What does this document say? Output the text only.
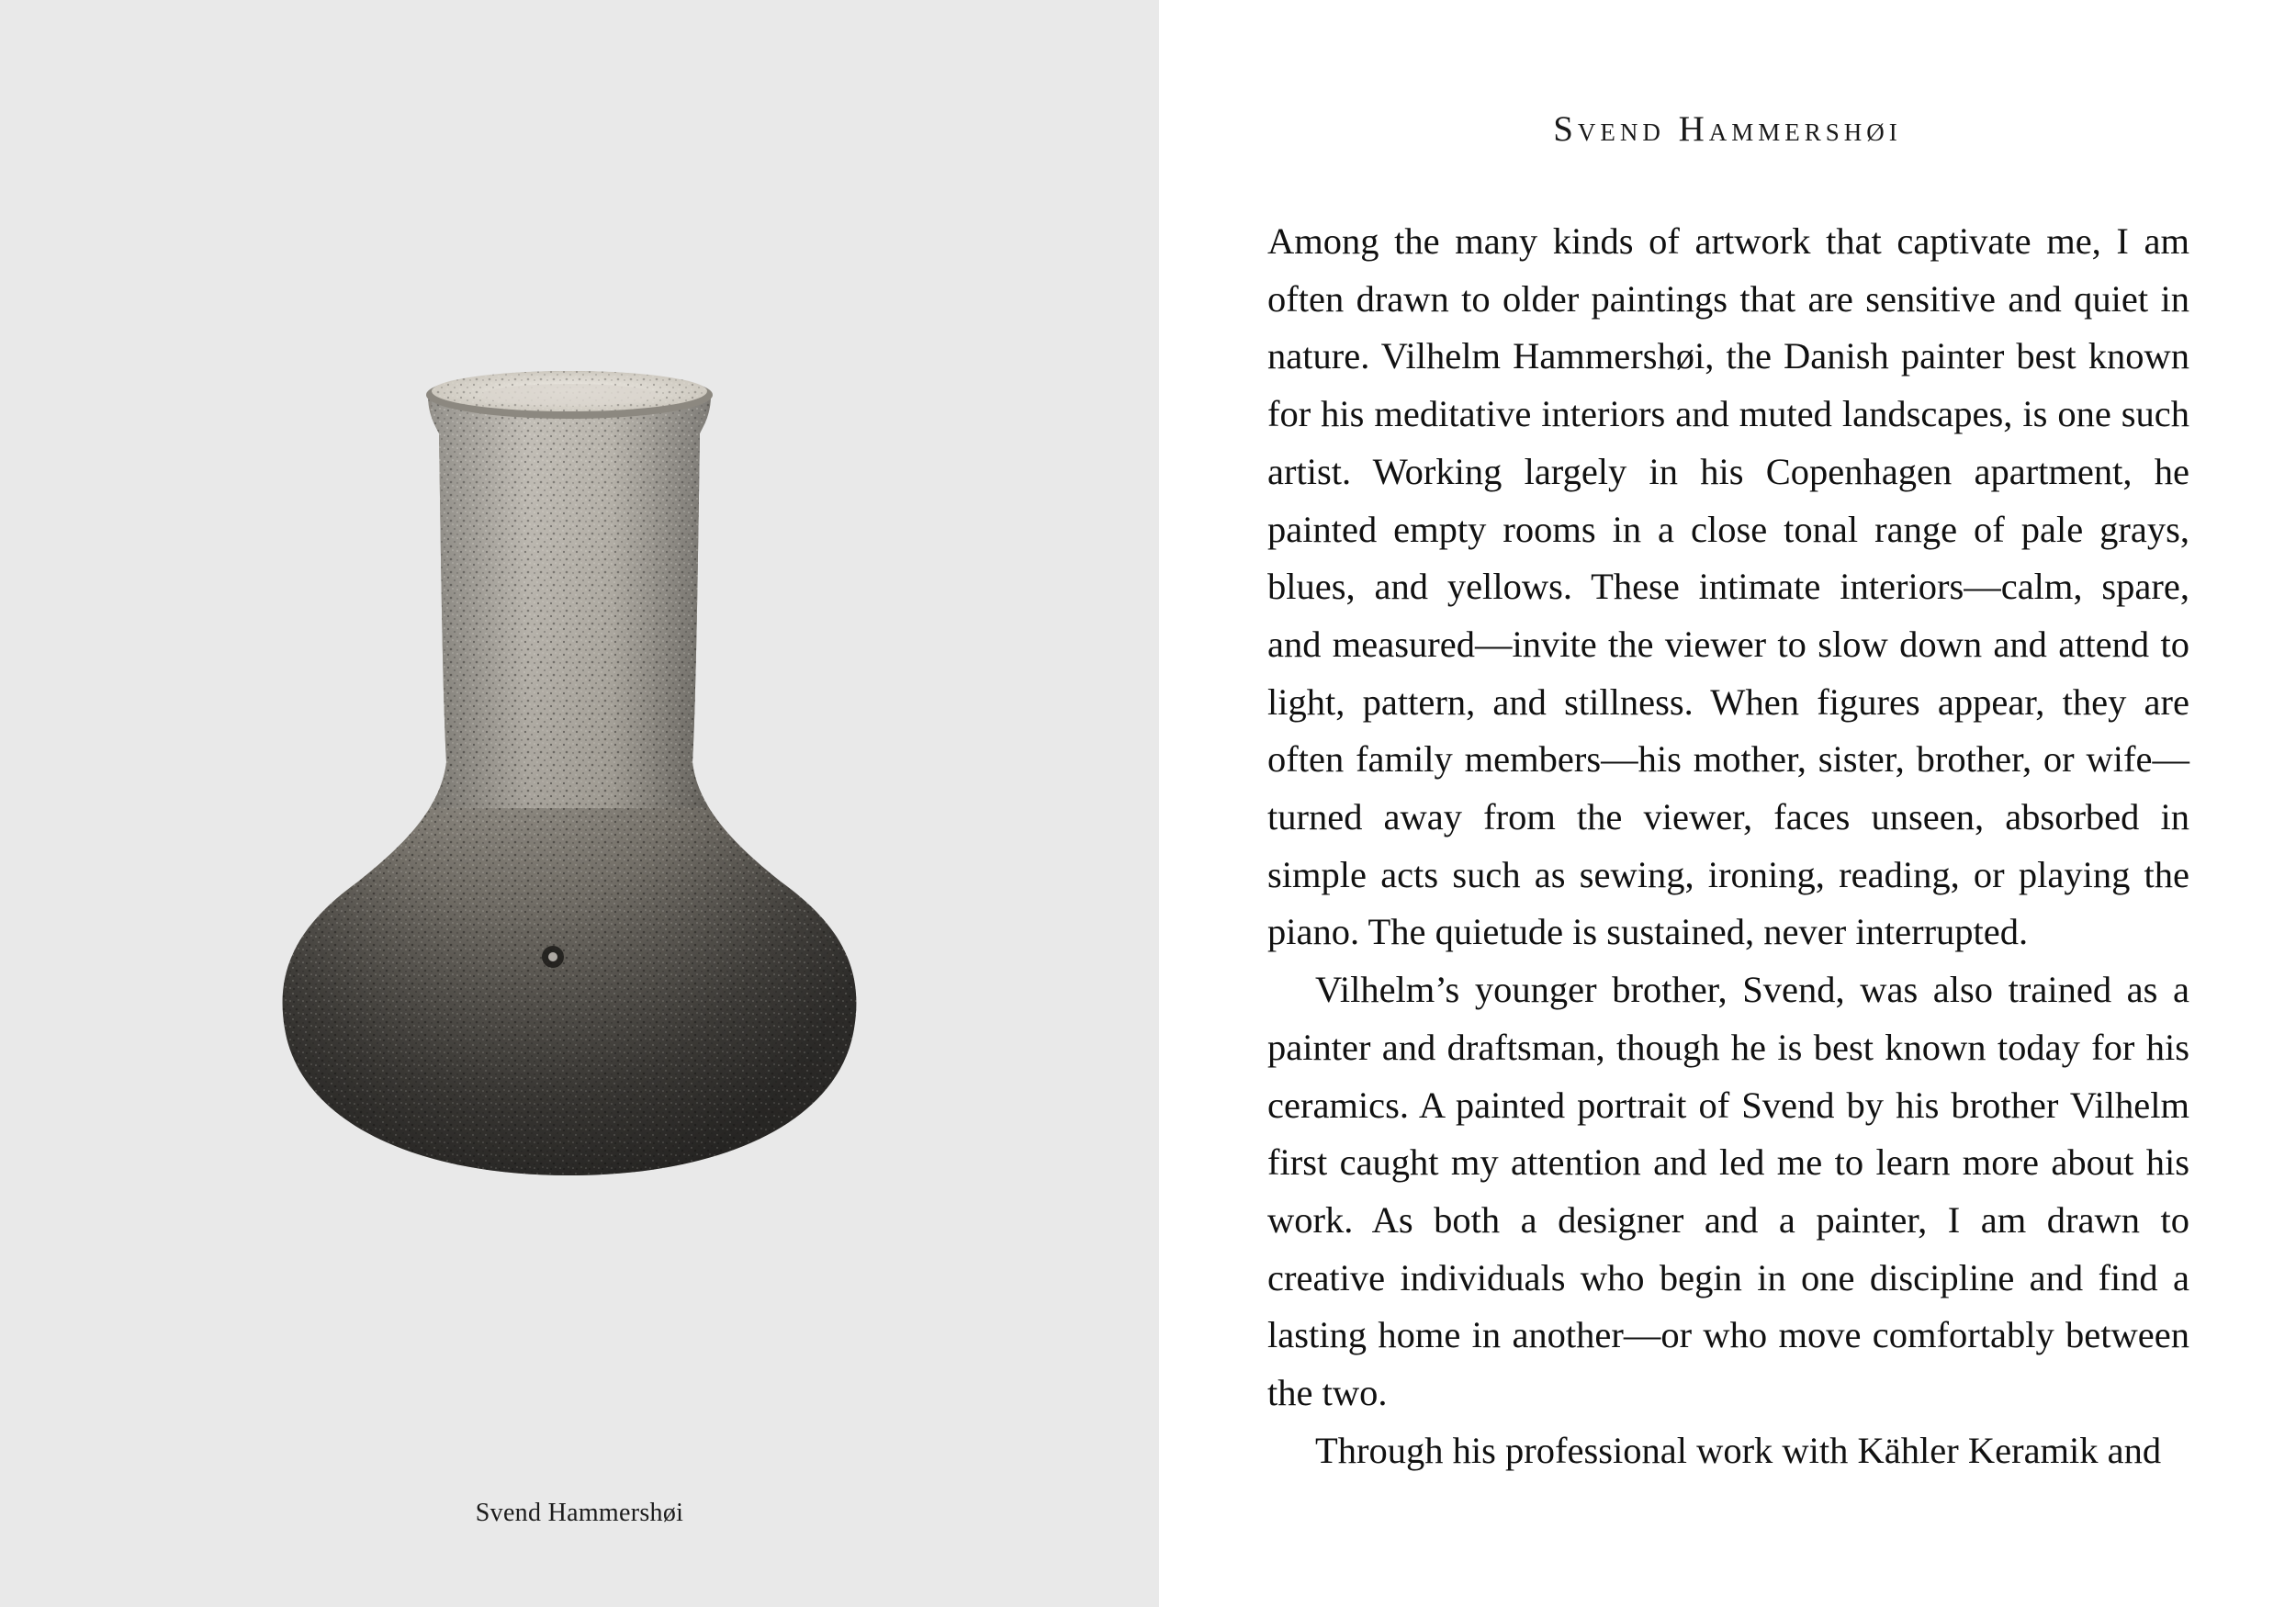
Svend Hammershøi
Svend Hammershøi

Among the many kinds of artwork that captivate me, I am often drawn to older paintings that are sensitive and quiet in nature. Vilhelm Hammershøi, the Danish painter best known for his meditative interiors and muted landscapes, is one such artist. Working largely in his Copenhagen apartment, he painted empty rooms in a close tonal range of pale grays, blues, and yellows. These intimate interiors—calm, spare, and measured—invite the viewer to slow down and attend to light, pattern, and stillness. When figures appear, they are often family members—his mother, sister, brother, or wife—turned away from the viewer, faces unseen, absorbed in simple acts such as sewing, ironing, reading, or playing the piano. The quietude is sustained, never interrupted.

Vilhelm’s younger brother, Svend, was also trained as a painter and draftsman, though he is best known today for his ceramics. A painted portrait of Svend by his brother Vilhelm first caught my attention and led me to learn more about his work. As both a designer and a painter, I am drawn to creative individuals who begin in one discipline and find a lasting home in another—or who move comfortably between the two.

Through his professional work with Kähler Keramik and
